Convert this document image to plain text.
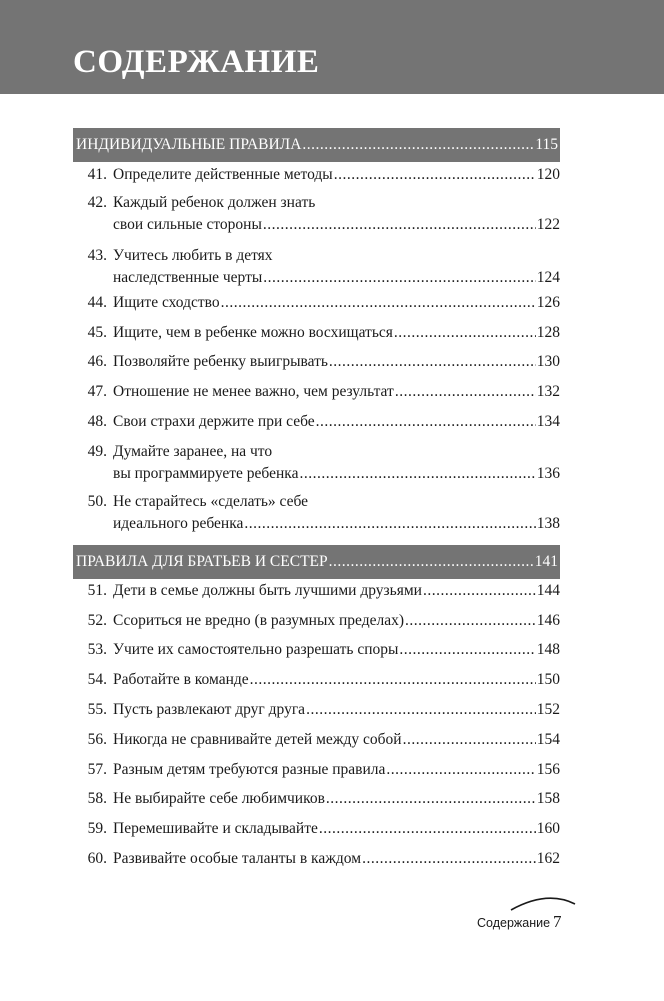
СОДЕРЖАНИЕ
ИНДИВИДУАЛЬНЫЕ ПРАВИЛА .....	115
41. Определите действенные методы .....	120
42. Каждый ребенок должен знать
свои сильные стороны .....	122
43. Учитесь любить в детях
наследственные черты .....	124
44. Ищите сходство .....	126
45. Ищите, чем в ребенке можно восхищаться .....	128
46. Позволяйте ребенку выигрывать .....	130
47. Отношение не менее важно, чем результат .....	132
48. Свои страхи держите при себе .....	134
49. Думайте заранее, на что
вы программируете ребенка .....	136
50. Не старайтесь «сделать» себе
идеального ребенка .....	138
ПРАВИЛА ДЛЯ БРАТЬЕВ И СЕСТЕР .....	141
51. Дети в семье должны быть лучшими друзьями .....	144
52. Ссориться не вредно (в разумных пределах) .....	146
53. Учите их самостоятельно разрешать споры .....	148
54. Работайте в команде .....	150
55. Пусть развлекают друг друга .....	152
56. Никогда не сравнивайте детей между собой .....	154
57. Разным детям требуются разные правила .....	156
58. Не выбирайте себе любимчиков .....	158
59. Перемешивайте и складывайте .....	160
60. Развивайте особые таланты в каждом .....	162
Содержание 7
